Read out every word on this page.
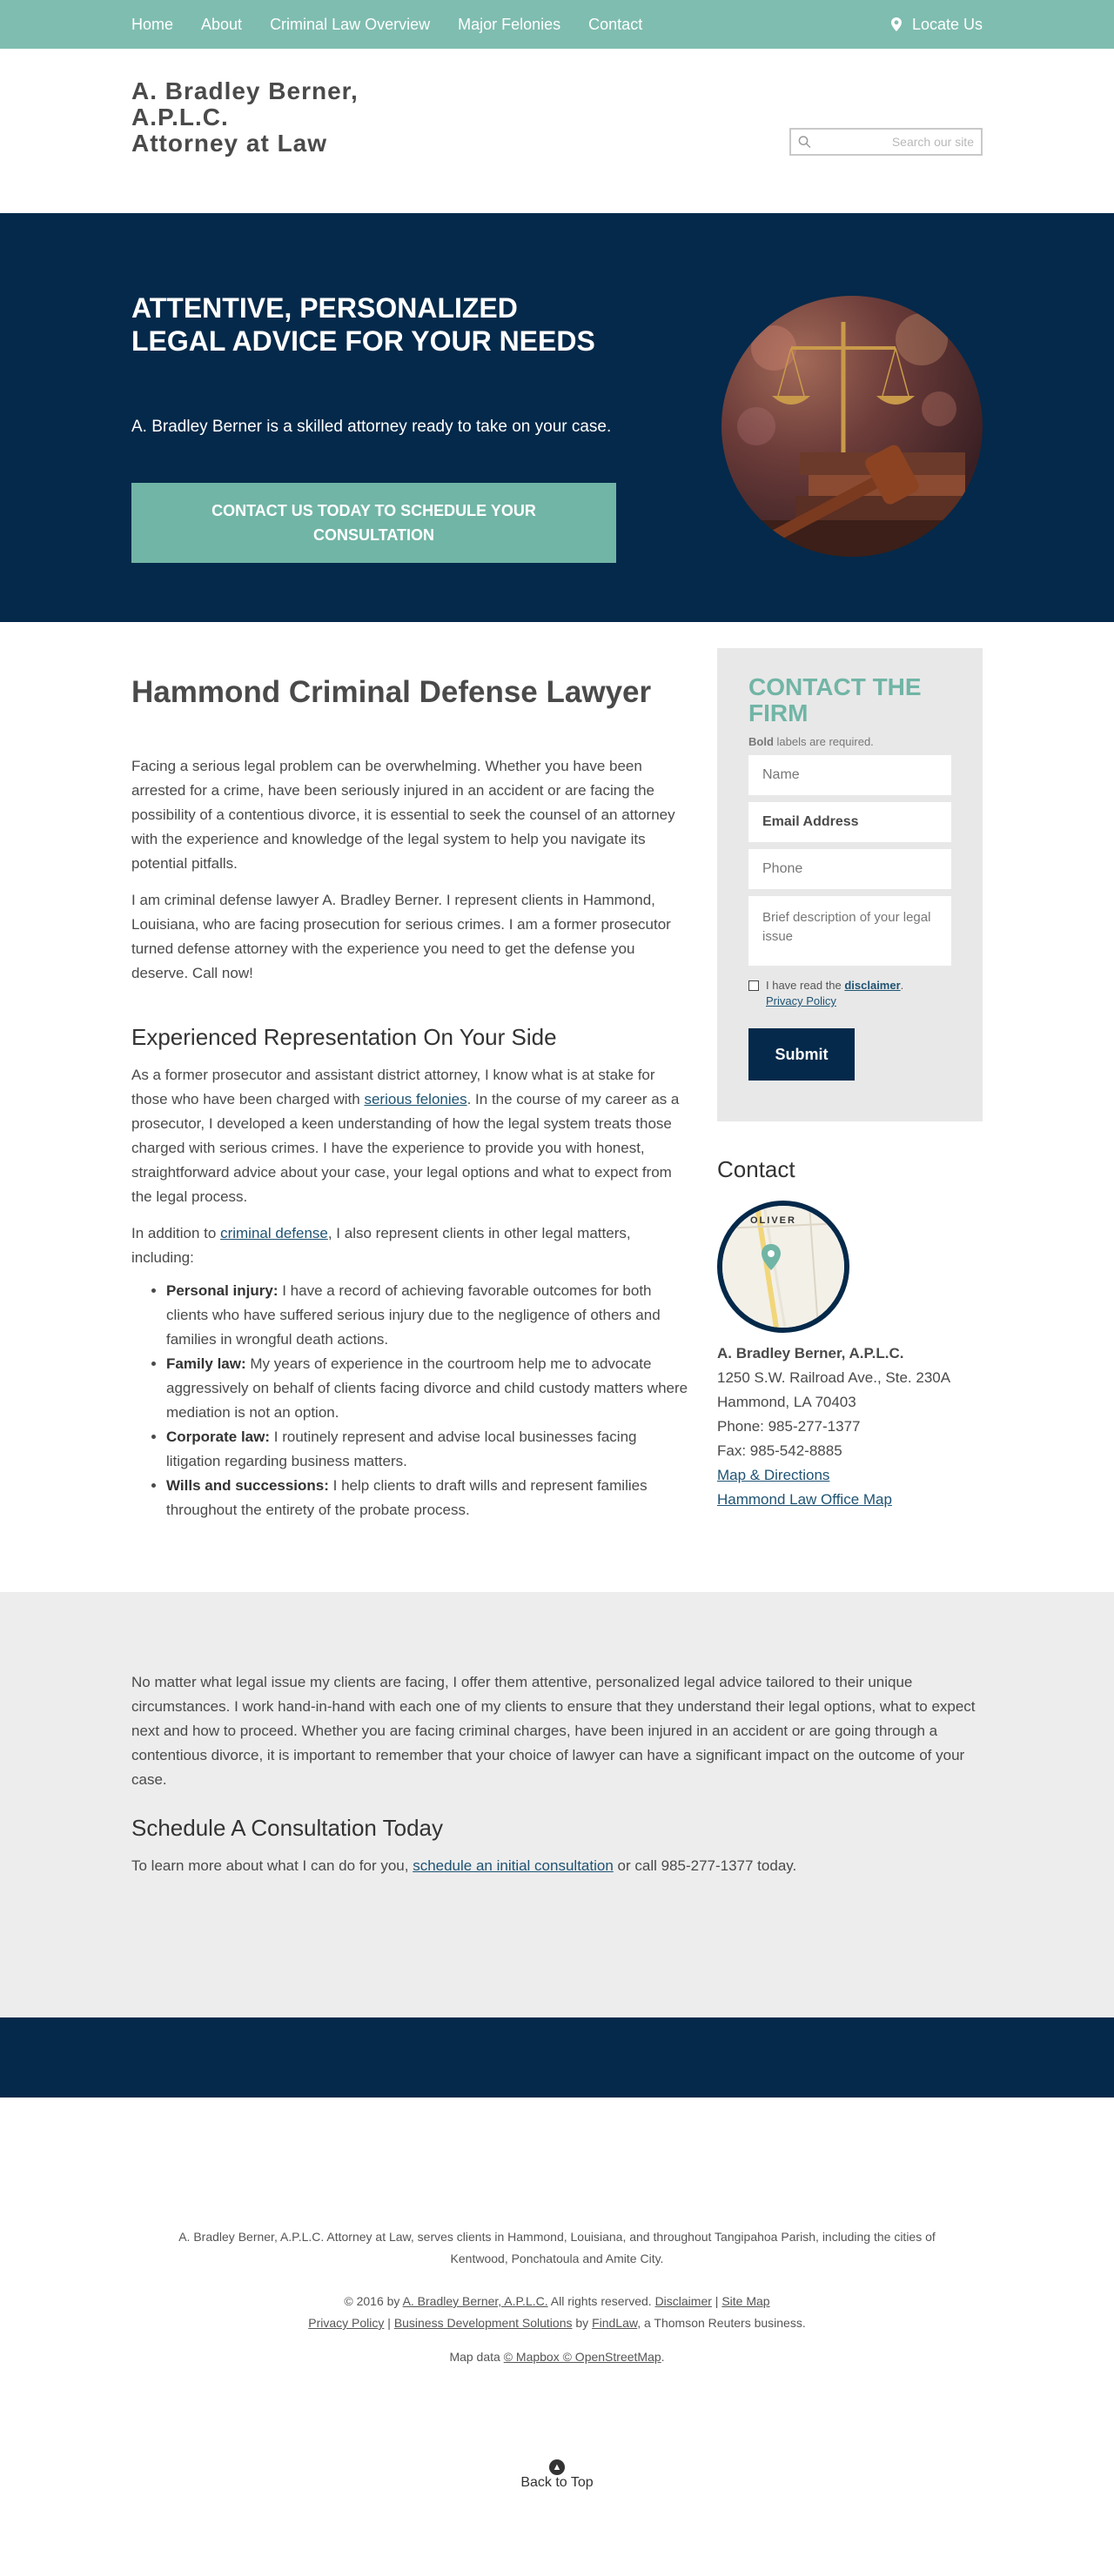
Home About Criminal Law Overview Major Felonies Contact	Locate Us
A. Bradley Berner,
A.P.L.C.
Attorney at Law
Search our site
ATTENTIVE, PERSONALIZED LEGAL ADVICE FOR YOUR NEEDS

A. Bradley Berner is a skilled attorney ready to take on your case.

CONTACT US TODAY TO SCHEDULE YOUR CONSULTATION
Hammond Criminal Defense Lawyer

Facing a serious legal problem can be overwhelming. Whether you have been arrested for a crime, have been seriously injured in an accident or are facing the possibility of a contentious divorce, it is essential to seek the counsel of an attorney with the experience and knowledge of the legal system to help you navigate its potential pitfalls.

I am criminal defense lawyer A. Bradley Berner. I represent clients in Hammond, Louisiana, who are facing prosecution for serious crimes. I am a former prosecutor turned defense attorney with the experience you need to get the defense you deserve. Call now!

Experienced Representation On Your Side

As a former prosecutor and assistant district attorney, I know what is at stake for those who have been charged with serious felonies. In the course of my career as a prosecutor, I developed a keen understanding of how the legal system treats those charged with serious crimes. I have the experience to provide you with honest, straightforward advice about your case, your legal options and what to expect from the legal process.

In addition to criminal defense, I also represent clients in other legal matters, including:

• Personal injury: I have a record of achieving favorable outcomes for both clients who have suffered serious injury due to the negligence of others and families in wrongful death actions.
• Family law: My years of experience in the courtroom help me to advocate aggressively on behalf of clients facing divorce and child custody matters where mediation is not an option.
• Corporate law: I routinely represent and advise local businesses facing litigation regarding business matters.
• Wills and successions: I help clients to draft wills and represent families throughout the entirety of the probate process.
CONTACT THE FIRM
Bold labels are required.
Name
Email Address
Phone
Brief description of your legal issue
I have read the disclaimer.
Privacy Policy
Submit
Contact
OLIVER
A. Bradley Berner, A.P.L.C.
1250 S.W. Railroad Ave., Ste. 230A
Hammond, LA 70403
Phone: 985-277-1377
Fax: 985-542-8885
Map & Directions
Hammond Law Office Map

No matter what legal issue my clients are facing, I offer them attentive, personalized legal advice tailored to their unique circumstances. I work hand-in-hand with each one of my clients to ensure that they understand their legal options, what to expect next and how to proceed. Whether you are facing criminal charges, have been injured in an accident or are going through a contentious divorce, it is important to remember that your choice of lawyer can have a significant impact on the outcome of your case.

Schedule A Consultation Today

To learn more about what I can do for you, schedule an initial consultation or call 985-277-1377 today.

A. Bradley Berner, A.P.L.C. Attorney at Law, serves clients in Hammond, Louisiana, and throughout Tangipahoa Parish, including the cities of Kentwood, Ponchatoula and Amite City.
© 2016 by A. Bradley Berner, A.P.L.C. All rights reserved. Disclaimer | Site Map
Privacy Policy | Business Development Solutions by FindLaw, a Thomson Reuters business.
Map data © Mapbox © OpenStreetMap.
▲
Back to Top
